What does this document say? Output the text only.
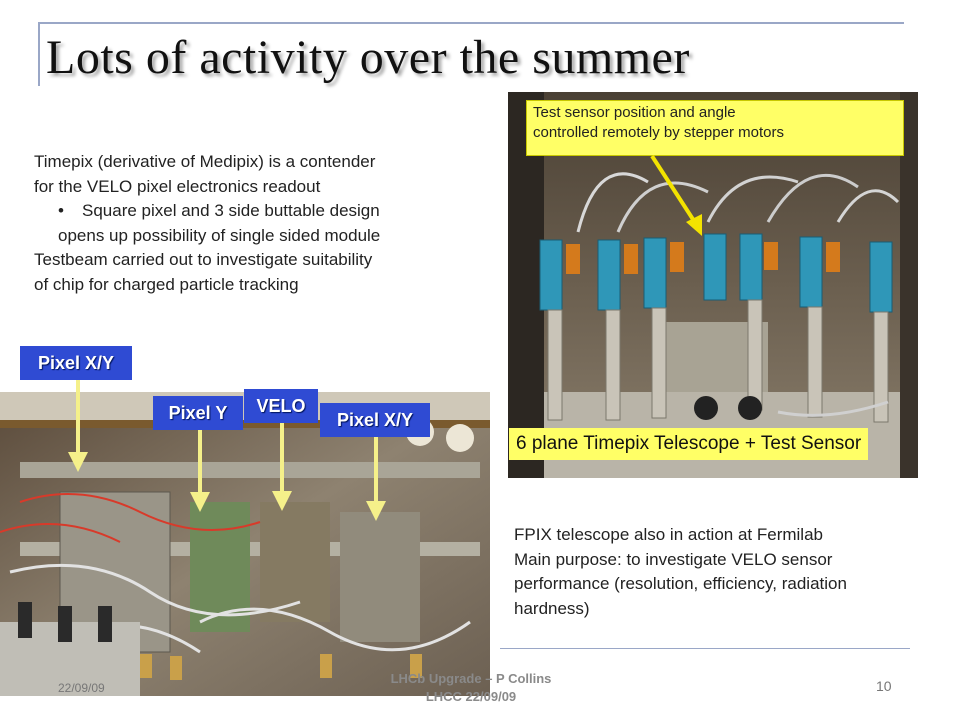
Lots of activity over the summer

Timepix (derivative of Medipix) is a contender

for the VELO pixel electronics readout

•	Square pixel and 3 side buttable design

opens up possibility of single sided module

Testbeam carried out to investigate suitability

of chip for charged particle tracking

Test sensor position and angle
controlled remotely by stepper motors
6 plane Timepix Telescope + Test Sensor
Pixel X/Y
Pixel Y	VELO
Pixel X/Y

FPIX telescope also in action at Fermilab

Main purpose: to investigate VELO sensor

performance (resolution, efficiency, radiation

hardness)

22/09/09
LHCb Upgrade – P Collins
LHCC 22/09/09
10
